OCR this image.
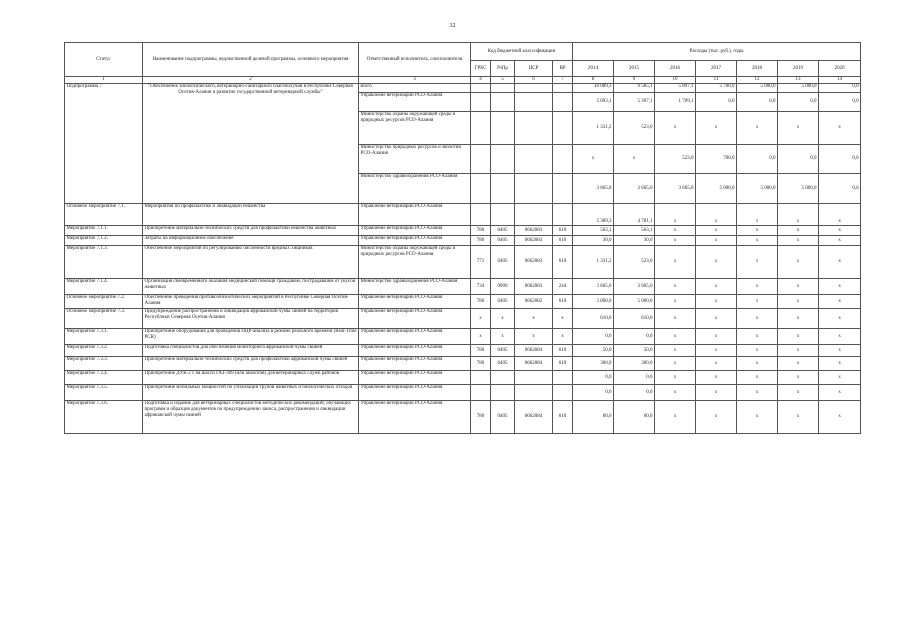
32
Статус	Наименование подпрограммы, ведомственной целевой программы, основного мероприятия	Ответственный исполнитель, соисполнители	Код бюджетной классификации				Расходы (тыс. руб.), годы						
			ГРБС	РзПр	ЦСР	ВР	2014	2015	2016	2017	2018	2019	2020
1	2	3	4	5	6	7	8	9	10	11	12	13	14
Подпрограмма 7	"Обеспечение эпизоотического, ветеринарно-санитарного благополучия в Республике Северная Осетия-Алания и развитие государственной ветеринарной службы"	всего					10 089,3	9 585,1	5 897,1	5 700,0	5 000,0	5 000,0	0,0
		Управление ветеринарии РСО-Алания					5 093,1	5 397,1	1 709,1	0,0	0,0	0,0	0,0
		Министерство охраны окружающей среды и природных ресурсов РСО-Алания					1 331,2	523,0	x	x	x	x	x
		Министерство природных ресурсов и экологии РСО-Алания					x	x	523,0	700,0	0,0	0,0	0,0
		Министерство здравоохранения РСО-Алания					3 665,0	3 665,0	3 665,0	5 000,0	5 000,0	5 000,0	0,0
Основное мероприятие 7.1.	Мероприятия по профилактике и ликвидации бешенства	Управление ветеринарии РСО-Алания					5 389,3	4 781,1	x	x	x	x	x
Мероприятие 7.1.1.	Приобретение материально-технических средств для профилактики бешенства животных	Управление ветеринарии РСО-Алания	780	0405	0662083	610	563,1	563,1	x	x	x	x	x
Мероприятие 7.1.2.	Затраты на информационное обеспечение	Управление ветеринарии РСО-Алания	780	0405	0662083	610	30,0	30,0	x	x	x	x	x
Мероприятие 7.1.3.	Обеспечение мероприятий по регулированию численности вредных хищников	Министерство охраны окружающей среды и природных ресурсов РСО-Алания	771	0405	0662083	610	1 331,2	523,0	x	x	x	x	x
Мероприятие 7.1.4.	Организация своевременного оказания медицинской помощи гражданам, пострадавшим от укусов животных	Министерство здравоохранения РСО-Алания	734	0909	0662083	244	3 665,0	3 665,0	x	x	x	x	x
Основное мероприятие 7.2.	Обеспечение проведения противоэпизоотических мероприятий в Республике Северная Осетия-Алания	Управление ветеринарии РСО-Алания	780	0405	0662082	610	3 890,0	5 000,0	x	x	x	x	x
Основное мероприятие 7.3.	Предупреждение распространения и ликвидация африканской чумы свиней на территории Республики Северная Осетия-Алания	Управление ветеринарии РСО-Алания	x	x	x	x	610,0	610,0	x	x	x	x	x
Мероприятие 7.3.1.	Приобретение оборудования для проведения ПЦР-анализа в режиме реального времени (Real-Time PCR)	Управление ветеринарии РСО-Алания	x	x	x	x	0,0	0,0	x	x	x	x	x
Мероприятие 7.3.2.	Подготовка специалистов для обеспечения мониторинга африканской чумы свиней	Управление ветеринарии РСО-Алания	780	0405	0662084	610	50,0	50,0	x	x	x	x	x
Мероприятие 7.3.3.	Приобретение материально-технических средств для профилактики африканской чумы свиней	Управление ветеринарии РСО-Алания	780	0405	0662084	610	300,0	300,0	x	x	x	x	x
Мероприятие 7.3.4.	Приобретение ДУК-2 с на шасси ГАЗ-309 (или аналогов) для ветеринарных служб районов	Управление ветеринарии РСО-Алания					0,0	0,0	x	x	x	x	x
Мероприятие 7.3.5.	Приобретение мобильных мощностей по утилизации трупов животных и биологических отходов	Управление ветеринарии РСО-Алания					0,0	0,0	x	x	x	x	x
Мероприятие 7.3.6.	Подготовка и издание для ветеринарных специалистов методических рекомендаций, обучающих программ и образцов документов по предупреждению заноса, распространения и ликвидации африканской чумы свиней	Управление ветеринарии РСО-Алания	780	0405	0662084	610	60,0	60,0	x	x	x	x	x
